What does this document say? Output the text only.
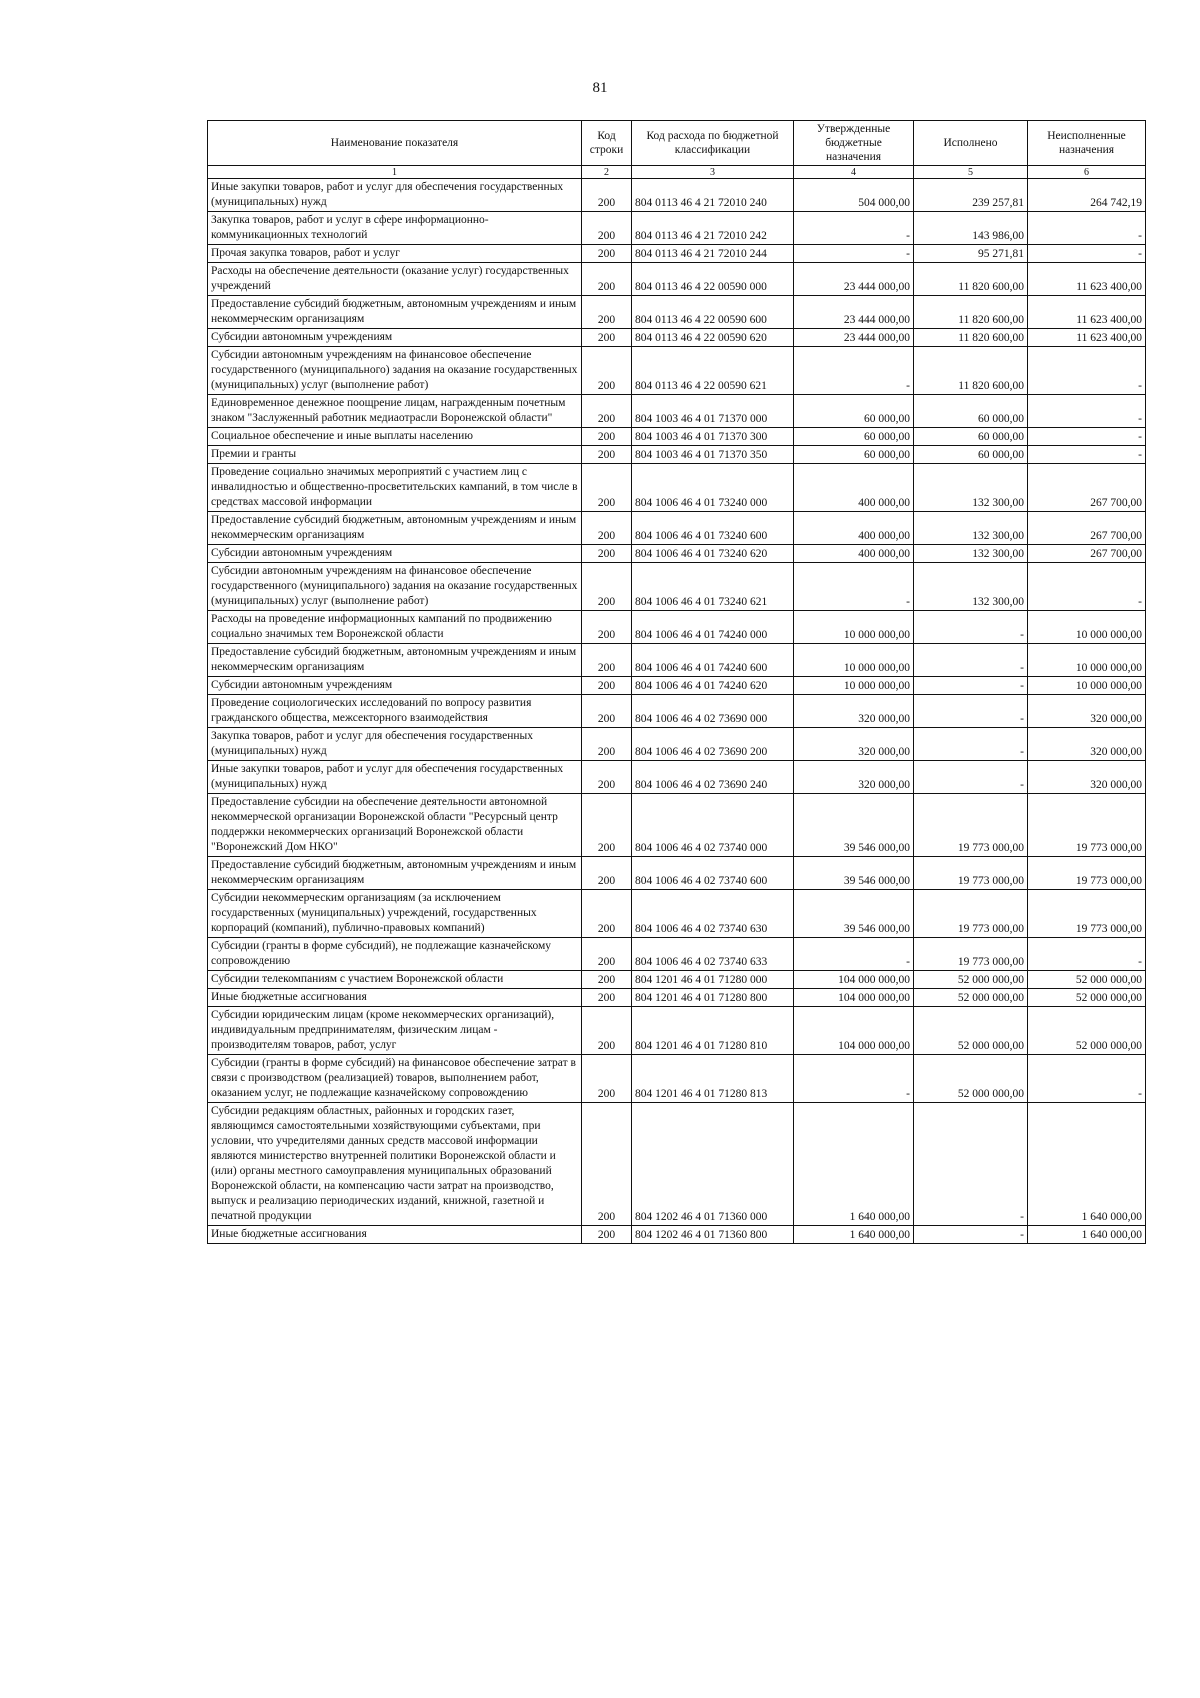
81
Наименование показателя	Код строки	Код расхода по бюджетной классификации	Утвержденные бюджетные назначения	Исполнено	Неисполненные назначения
1	2	3	4	5	6
Иные закупки товаров, работ и услуг для обеспечения государственных (муниципальных) нужд	200	804 0113 46 4 21 72010 240	504 000,00	239 257,81	264 742,19
Закупка товаров, работ и услуг в сфере информационно-коммуникационных технологий	200	804 0113 46 4 21 72010 242	-	143 986,00	-
Прочая закупка товаров, работ и услуг	200	804 0113 46 4 21 72010 244	-	95 271,81	-
Расходы на обеспечение деятельности (оказание услуг) государственных учреждений	200	804 0113 46 4 22 00590 000	23 444 000,00	11 820 600,00	11 623 400,00
Предоставление субсидий бюджетным, автономным учреждениям и иным некоммерческим организациям	200	804 0113 46 4 22 00590 600	23 444 000,00	11 820 600,00	11 623 400,00
Субсидии автономным учреждениям	200	804 0113 46 4 22 00590 620	23 444 000,00	11 820 600,00	11 623 400,00
Субсидии автономным учреждениям на финансовое обеспечение государственного (муниципального) задания на оказание государственных (муниципальных) услуг (выполнение работ)	200	804 0113 46 4 22 00590 621	-	11 820 600,00	-
Единовременное денежное поощрение лицам, награжденным почетным знаком "Заслуженный работник медиаотрасли Воронежской области"	200	804 1003 46 4 01 71370 000	60 000,00	60 000,00	-
Социальное обеспечение и иные выплаты населению	200	804 1003 46 4 01 71370 300	60 000,00	60 000,00	-
Премии и гранты	200	804 1003 46 4 01 71370 350	60 000,00	60 000,00	-
Проведение социально значимых мероприятий с участием лиц с инвалидностью и общественно-просветительских кампаний, в том числе в средствах массовой информации	200	804 1006 46 4 01 73240 000	400 000,00	132 300,00	267 700,00
Предоставление субсидий бюджетным, автономным учреждениям и иным некоммерческим организациям	200	804 1006 46 4 01 73240 600	400 000,00	132 300,00	267 700,00
Субсидии автономным учреждениям	200	804 1006 46 4 01 73240 620	400 000,00	132 300,00	267 700,00
Субсидии автономным учреждениям на финансовое обеспечение государственного (муниципального) задания на оказание государственных (муниципальных) услуг (выполнение работ)	200	804 1006 46 4 01 73240 621	-	132 300,00	-
Расходы на проведение информационных кампаний по продвижению социально значимых тем Воронежской области	200	804 1006 46 4 01 74240 000	10 000 000,00	-	10 000 000,00
Предоставление субсидий бюджетным, автономным учреждениям и иным некоммерческим организациям	200	804 1006 46 4 01 74240 600	10 000 000,00	-	10 000 000,00
Субсидии автономным учреждениям	200	804 1006 46 4 01 74240 620	10 000 000,00	-	10 000 000,00
Проведение социологических исследований по вопросу развития гражданского общества, межсекторного взаимодействия	200	804 1006 46 4 02 73690 000	320 000,00	-	320 000,00
Закупка товаров, работ и услуг для обеспечения государственных (муниципальных) нужд	200	804 1006 46 4 02 73690 200	320 000,00	-	320 000,00
Иные закупки товаров, работ и услуг для обеспечения государственных (муниципальных) нужд	200	804 1006 46 4 02 73690 240	320 000,00	-	320 000,00
Предоставление субсидии на обеспечение деятельности автономной некоммерческой организации Воронежской области "Ресурсный центр поддержки некоммерческих организаций Воронежской области "Воронежский Дом НКО"	200	804 1006 46 4 02 73740 000	39 546 000,00	19 773 000,00	19 773 000,00
Предоставление субсидий бюджетным, автономным учреждениям и иным некоммерческим организациям	200	804 1006 46 4 02 73740 600	39 546 000,00	19 773 000,00	19 773 000,00
Субсидии некоммерческим организациям (за исключением государственных (муниципальных) учреждений, государственных корпораций (компаний), публично-правовых компаний)	200	804 1006 46 4 02 73740 630	39 546 000,00	19 773 000,00	19 773 000,00
Субсидии (гранты в форме субсидий), не подлежащие казначейскому сопровождению	200	804 1006 46 4 02 73740 633	-	19 773 000,00	-
Субсидии телекомпаниям с участием Воронежской области	200	804 1201 46 4 01 71280 000	104 000 000,00	52 000 000,00	52 000 000,00
Иные бюджетные ассигнования	200	804 1201 46 4 01 71280 800	104 000 000,00	52 000 000,00	52 000 000,00
Субсидии юридическим лицам (кроме некоммерческих организаций), индивидуальным предпринимателям, физическим лицам - производителям товаров, работ, услуг	200	804 1201 46 4 01 71280 810	104 000 000,00	52 000 000,00	52 000 000,00
Субсидии (гранты в форме субсидий) на финансовое обеспечение затрат в связи с производством (реализацией) товаров, выполнением работ, оказанием услуг, не подлежащие казначейскому сопровождению	200	804 1201 46 4 01 71280 813	-	52 000 000,00	-
Субсидии редакциям областных, районных и городских газет, являющимся самостоятельными хозяйствующими субъектами, при условии, что учредителями данных средств массовой информации являются министерство внутренней политики Воронежской области и (или) органы местного самоуправления муниципальных образований Воронежской области, на компенсацию части затрат на производство, выпуск и реализацию периодических изданий, книжной, газетной и печатной продукции	200	804 1202 46 4 01 71360 000	1 640 000,00	-	1 640 000,00
Иные бюджетные ассигнования	200	804 1202 46 4 01 71360 800	1 640 000,00	-	1 640 000,00
